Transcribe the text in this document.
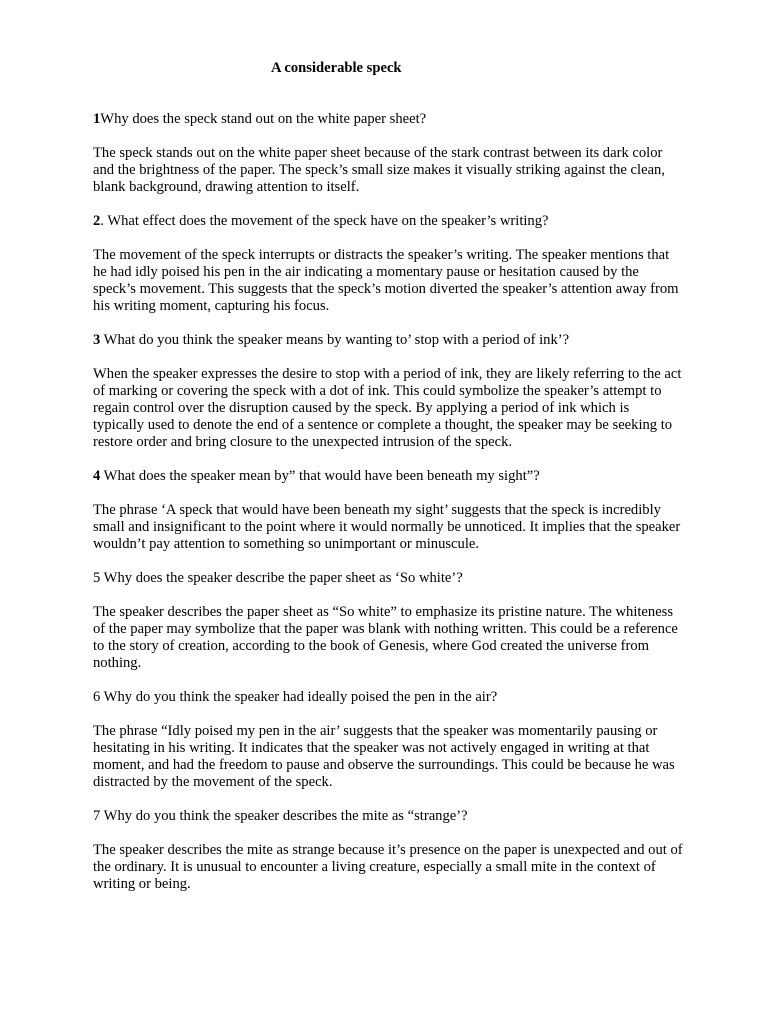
A considerable speck

1Why does the speck stand out on the white paper sheet?

The speck stands out on the white paper sheet because of the stark contrast between its dark color and the brightness of the paper. The speck’s small size makes it visually striking against the clean, blank background, drawing attention to itself.

2. What effect does the movement of the speck have on the speaker’s writing?

The movement of the speck interrupts or distracts the speaker’s writing. The speaker mentions that he had idly poised his pen in the air indicating a momentary pause or hesitation caused by the speck’s movement. This suggests that the speck’s motion diverted the speaker’s attention away from his writing moment, capturing his focus.

3 What do you think the speaker means by wanting to’ stop with a period of ink’?

When the speaker expresses the desire to stop with a period of ink, they are likely referring to the act of marking or covering the speck with a dot of ink. This could symbolize the speaker’s attempt to regain control over the disruption caused by the speck. By applying a period of ink which is typically used to denote the end of a sentence or complete a thought, the speaker may be seeking to restore order and bring closure to the unexpected intrusion of the speck.

4 What does the speaker mean by” that would have been beneath my sight”?

The phrase ‘A speck that would have been beneath my sight’ suggests that the speck is incredibly small and insignificant to the point where it would normally be unnoticed. It implies that the speaker wouldn’t pay attention to something so unimportant or minuscule.

5 Why does the speaker describe the paper sheet as ‘So white’?

The speaker describes the paper sheet as “So white” to emphasize its pristine nature. The whiteness of the paper may symbolize that the paper was blank with nothing written. This could be a reference to the story of creation, according to the book of Genesis, where God created the universe from nothing.

6 Why do you think the speaker had ideally poised the pen in the air?

The phrase “Idly poised my pen in the air’ suggests that the speaker was momentarily pausing or hesitating in his writing. It indicates that the speaker was not actively engaged in writing at that moment, and had the freedom to pause and observe the surroundings. This could be because he was distracted by the movement of the speck.

7 Why do you think the speaker describes the mite as “strange’?

The speaker describes the mite as strange because it’s presence on the paper is unexpected and out of the ordinary. It is unusual to encounter a living creature, especially a small mite in the context of writing or being.
